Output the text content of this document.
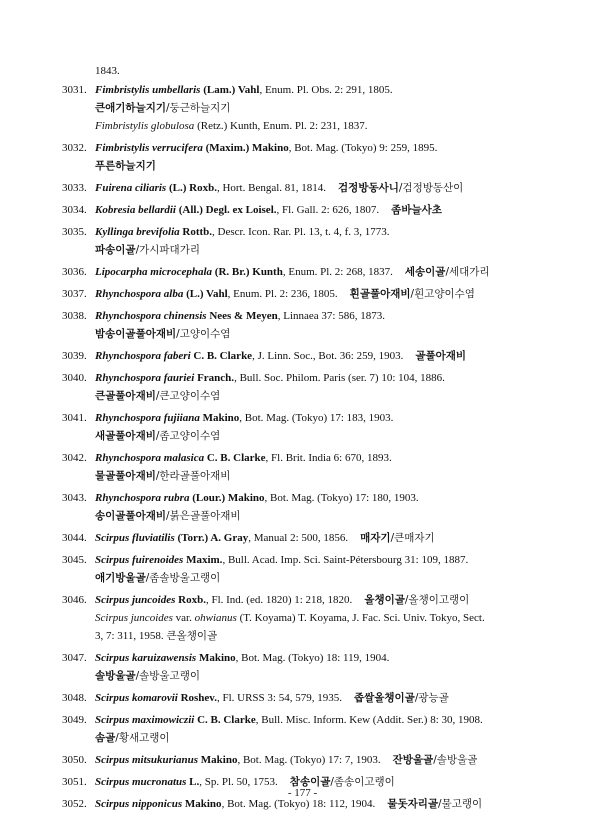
1843.
3031. Fimbristylis umbellaris (Lam.) Vahl, Enum. Pl. Obs. 2: 291, 1805.
큰애기하늘지기/둥근하늘지기
Fimbristylis globulosa (Retz.) Kunth, Enum. Pl. 2: 231, 1837.
3032. Fimbristylis verrucifera (Maxim.) Makino, Bot. Mag. (Tokyo) 9: 259, 1895.
푸른하늘지기
3033. Fuirena ciliaris (L.) Roxb., Hort. Bengal. 81, 1814. 검정방동사니/검정방동산이
3034. Kobresia bellardii (All.) Degl. ex Loisel., Fl. Gall. 2: 626, 1807. 좀바늘사초
3035. Kyllinga brevifolia Rottb., Descr. Icon. Rar. Pl. 13, t. 4, f. 3, 1773.
파송이골/가시파대가리
3036. Lipocarpha microcephala (R. Br.) Kunth, Enum. Pl. 2: 268, 1837. 세송이골/세대가리
3037. Rhynchospora alba (L.) Vahl, Enum. Pl. 2: 236, 1805. 흰골풀아재비/흰고양이수염
3038. Rhynchospora chinensis Nees & Meyen, Linnaea 37: 586, 1873.
밤송이골풀아재비/고양이수염
3039. Rhynchospora faberi C. B. Clarke, J. Linn. Soc., Bot. 36: 259, 1903. 골풀아재비
3040. Rhynchospora fauriei Franch., Bull. Soc. Philom. Paris (ser. 7) 10: 104, 1886.
큰골풀아재비/큰고양이수염
3041. Rhynchospora fujiiana Makino, Bot. Mag. (Tokyo) 17: 183, 1903.
새골풀아재비/좀고양이수염
3042. Rhynchospora malasica C. B. Clarke, Fl. Brit. India 6: 670, 1893.
물골풀아재비/한라골풀아재비
3043. Rhynchospora rubra (Lour.) Makino, Bot. Mag. (Tokyo) 17: 180, 1903.
송이골풀아재비/붉은골풀아재비
3044. Scirpus fluviatilis (Torr.) A. Gray, Manual 2: 500, 1856. 매자기/큰매자기
3045. Scirpus fuirenoides Maxim., Bull. Acad. Imp. Sci. Saint-Pétersbourg 31: 109, 1887.
애기방울골/좀솔방울고랭이
3046. Scirpus juncoides Roxb., Fl. Ind. (ed. 1820) 1: 218, 1820. 올챙이골/올챙이고랭이
Scirpus juncoides var. ohwianus (T. Koyama) T. Koyama, J. Fac. Sci. Univ. Tokyo, Sect.
3, 7: 311, 1958. 큰올챙이골
3047. Scirpus karuizawensis Makino, Bot. Mag. (Tokyo) 18: 119, 1904.
솔방울골/솔방울고랭이
3048. Scirpus komarovii Roshev., Fl. URSS 3: 54, 579, 1935. 좁쌀올챙이골/광능골
3049. Scirpus maximowiczii C. B. Clarke, Bull. Misc. Inform. Kew (Addit. Ser.) 8: 30, 1908.
솜골/황새고랭이
3050. Scirpus mitsukurianus Makino, Bot. Mag. (Tokyo) 17: 7, 1903. 잔방울골/솔방울골
3051. Scirpus mucronatus L., Sp. Pl. 50, 1753. 참송이골/좀송이고랭이
3052. Scirpus nipponicus Makino, Bot. Mag. (Tokyo) 18: 112, 1904. 물돗자리골/물고랭이
- 177 -
